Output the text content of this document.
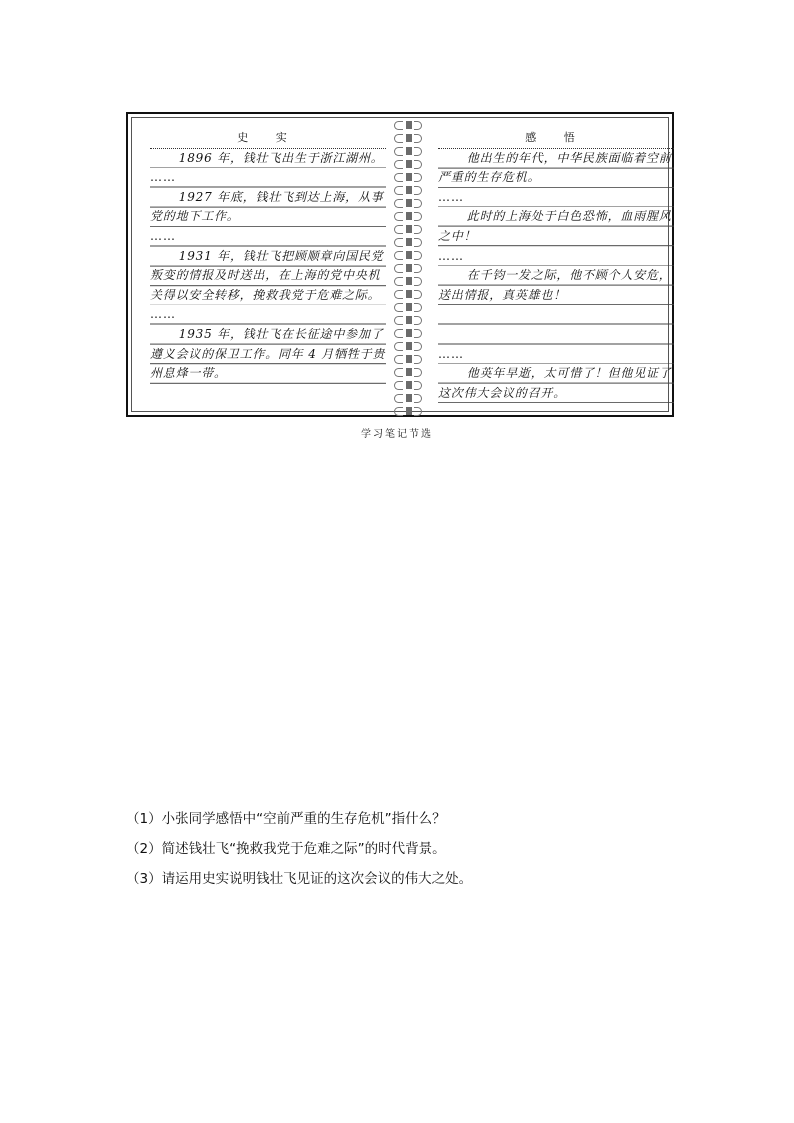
史 实
1896 年，钱壮飞出生于浙江湖州。
……
1927 年底，钱壮飞到达上海，从事党的地下工作。
……
1931 年，钱壮飞把顾顺章向国民党叛变的情报及时送出，在上海的党中央机关得以安全转移，挽救我党于危难之际。
……
1935 年，钱壮飞在长征途中参加了遵义会议的保卫工作。同年 4 月牺牲于贵州息烽一带。
感 悟
他出生的年代，中华民族面临着空前严重的生存危机。
……
此时的上海处于白色恐怖，血雨腥风之中！
……
在千钧一发之际，他不顾个人安危，送出情报，真英雄也！
……
他英年早逝，太可惜了！但他见证了这次伟大会议的召开。
学习笔记节选
（1）小张同学感悟中“空前严重的生存危机”指什么？
（2）简述钱壮飞“挽救我党于危难之际”的时代背景。
（3）请运用史实说明钱壮飞见证的这次会议的伟大之处。
